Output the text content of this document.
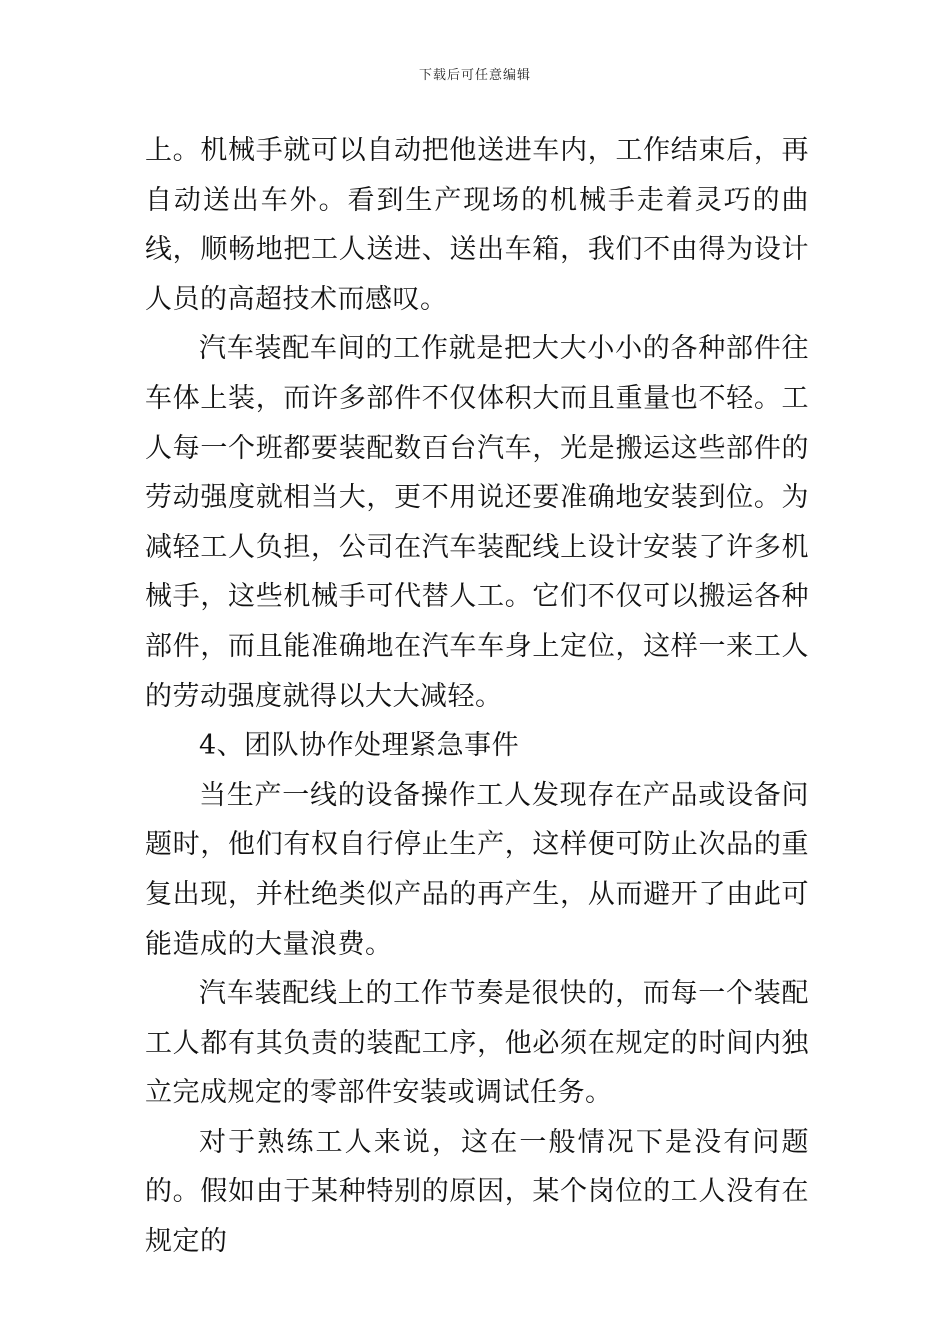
下载后可任意编辑

上。机械手就可以自动把他送进车内，工作结束后，再自动送出车外。看到生产现场的机械手走着灵巧的曲线，顺畅地把工人送进、送出车箱，我们不由得为设计人员的高超技术而感叹。

汽车装配车间的工作就是把大大小小的各种部件往车体上装，而许多部件不仅体积大而且重量也不轻。工人每一个班都要装配数百台汽车，光是搬运这些部件的劳动强度就相当大，更不用说还要准确地安装到位。为减轻工人负担，公司在汽车装配线上设计安装了许多机械手，这些机械手可代替人工。它们不仅可以搬运各种部件，而且能准确地在汽车车身上定位，这样一来工人的劳动强度就得以大大减轻。

4、团队协作处理紧急事件

当生产一线的设备操作工人发现存在产品或设备问题时，他们有权自行停止生产，这样便可防止次品的重复出现，并杜绝类似产品的再产生，从而避开了由此可能造成的大量浪费。

汽车装配线上的工作节奏是很快的，而每一个装配工人都有其负责的装配工序，他必须在规定的时间内独立完成规定的零部件安装或调试任务。

对于熟练工人来说，这在一般情况下是没有问题的。假如由于某种特别的原因，某个岗位的工人没有在规定的
